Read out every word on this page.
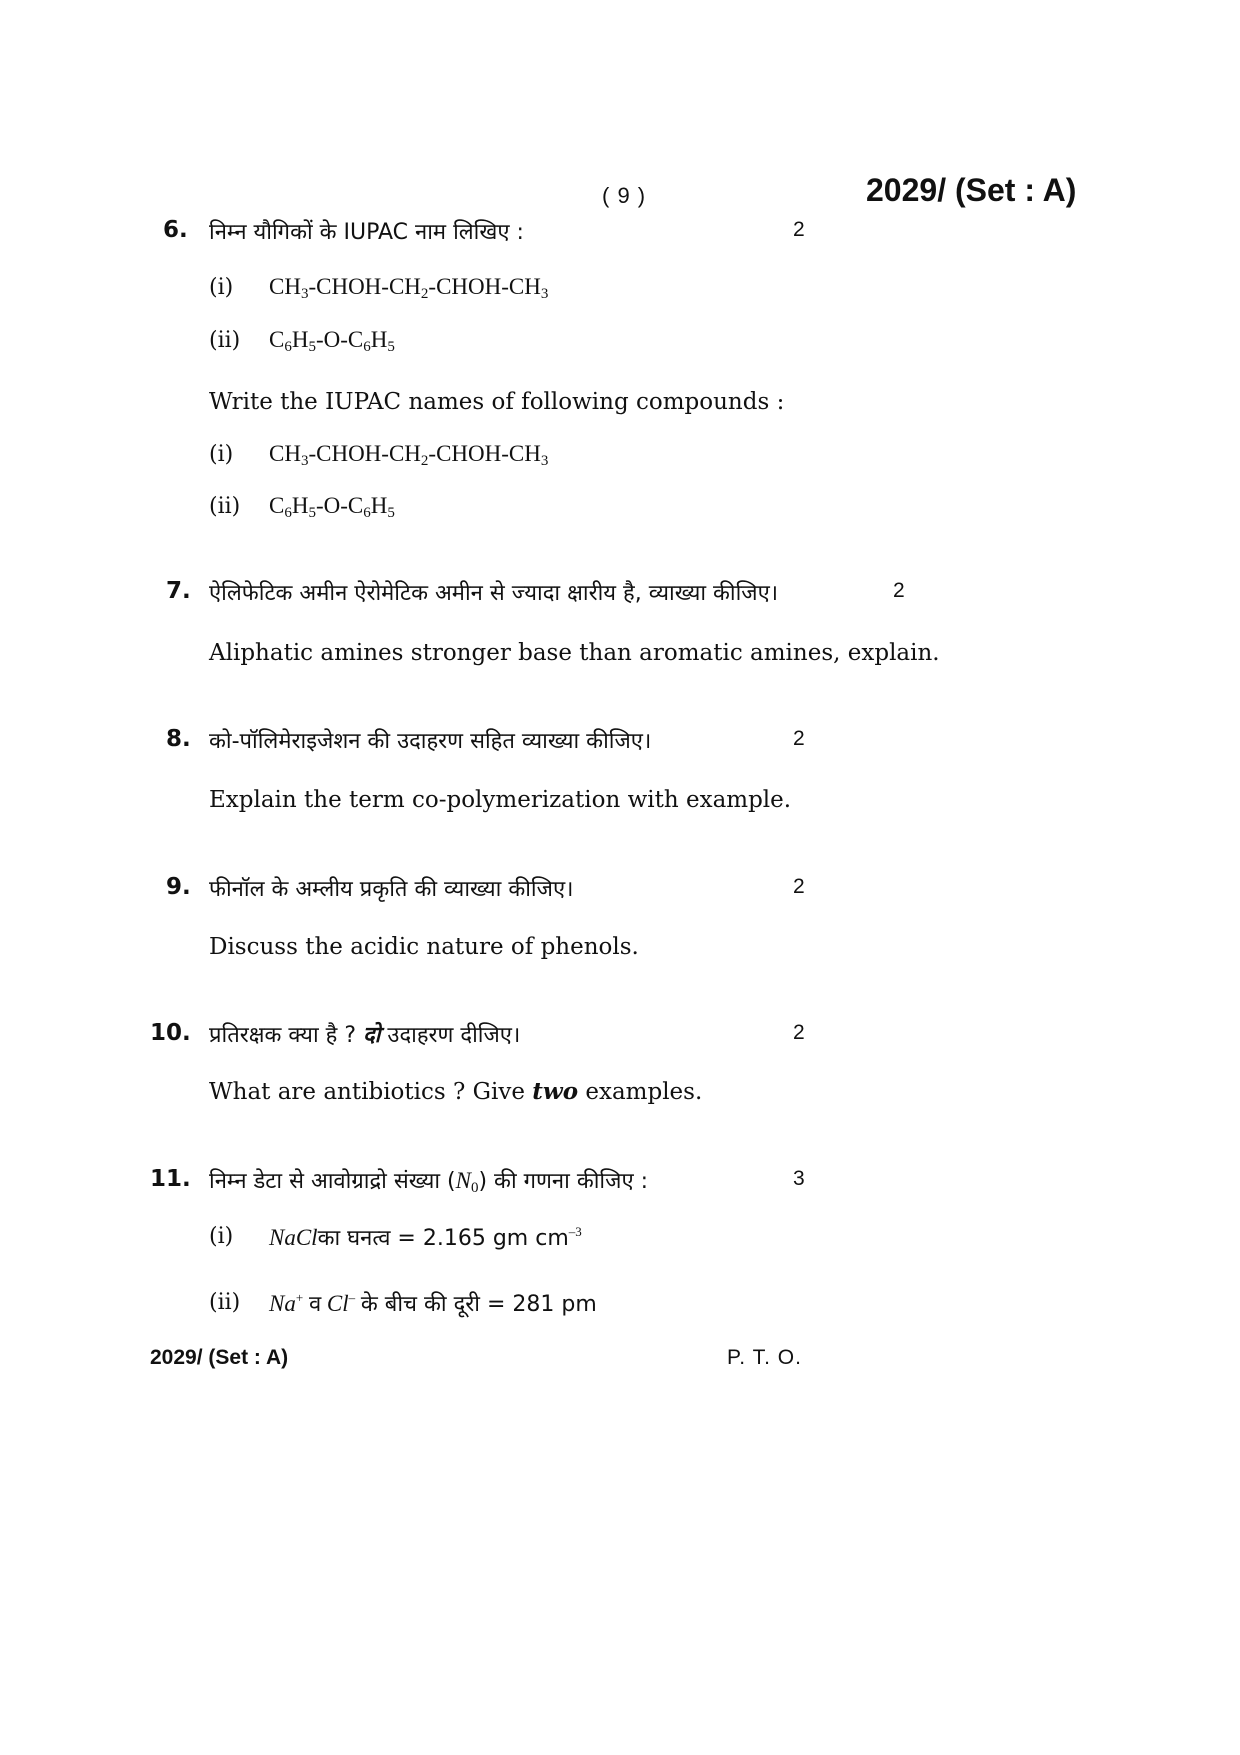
( 9 )	2029/ (Set : A)
6. निम्न यौगिकों के IUPAC नाम लिखिए :	2
(i) $CH_3-CHOH-CH_2-CHOH-CH_3$
(ii) $C_6H_5-O-C_6H_5$
Write the IUPAC names of following compounds :
(i) $CH_3-CHOH-CH_2-CHOH-CH_3$
(ii) $C_6H_5-O-C_6H_5$
7. ऐलिफेटिक अमीन ऐरोमेटिक अमीन से ज्यादा क्षारीय है, व्याख्या कीजिए।	2
Aliphatic amines stronger base than aromatic amines, explain.
8. को-पॉलिमेराइजेशन की उदाहरण सहित व्याख्या कीजिए।	2
Explain the term co-polymerization with example.
9. फीनॉल के अम्लीय प्रकृति की व्याख्या कीजिए।	2
Discuss the acidic nature of phenols.
10. प्रतिरक्षक क्या है ? दो उदाहरण दीजिए।	2
What are antibiotics ? Give two examples.
11. निम्न डेटा से आवोग्राद्रो संख्या $(N_0)$ की गणना कीजिए :	3
(i) NaClका घनत्व = 2.165 gm $cm^{-3}$
(ii) Na+ व Cl– के बीच की दूरी = 281 pm
2029/ (Set : A)	P. T. O.
